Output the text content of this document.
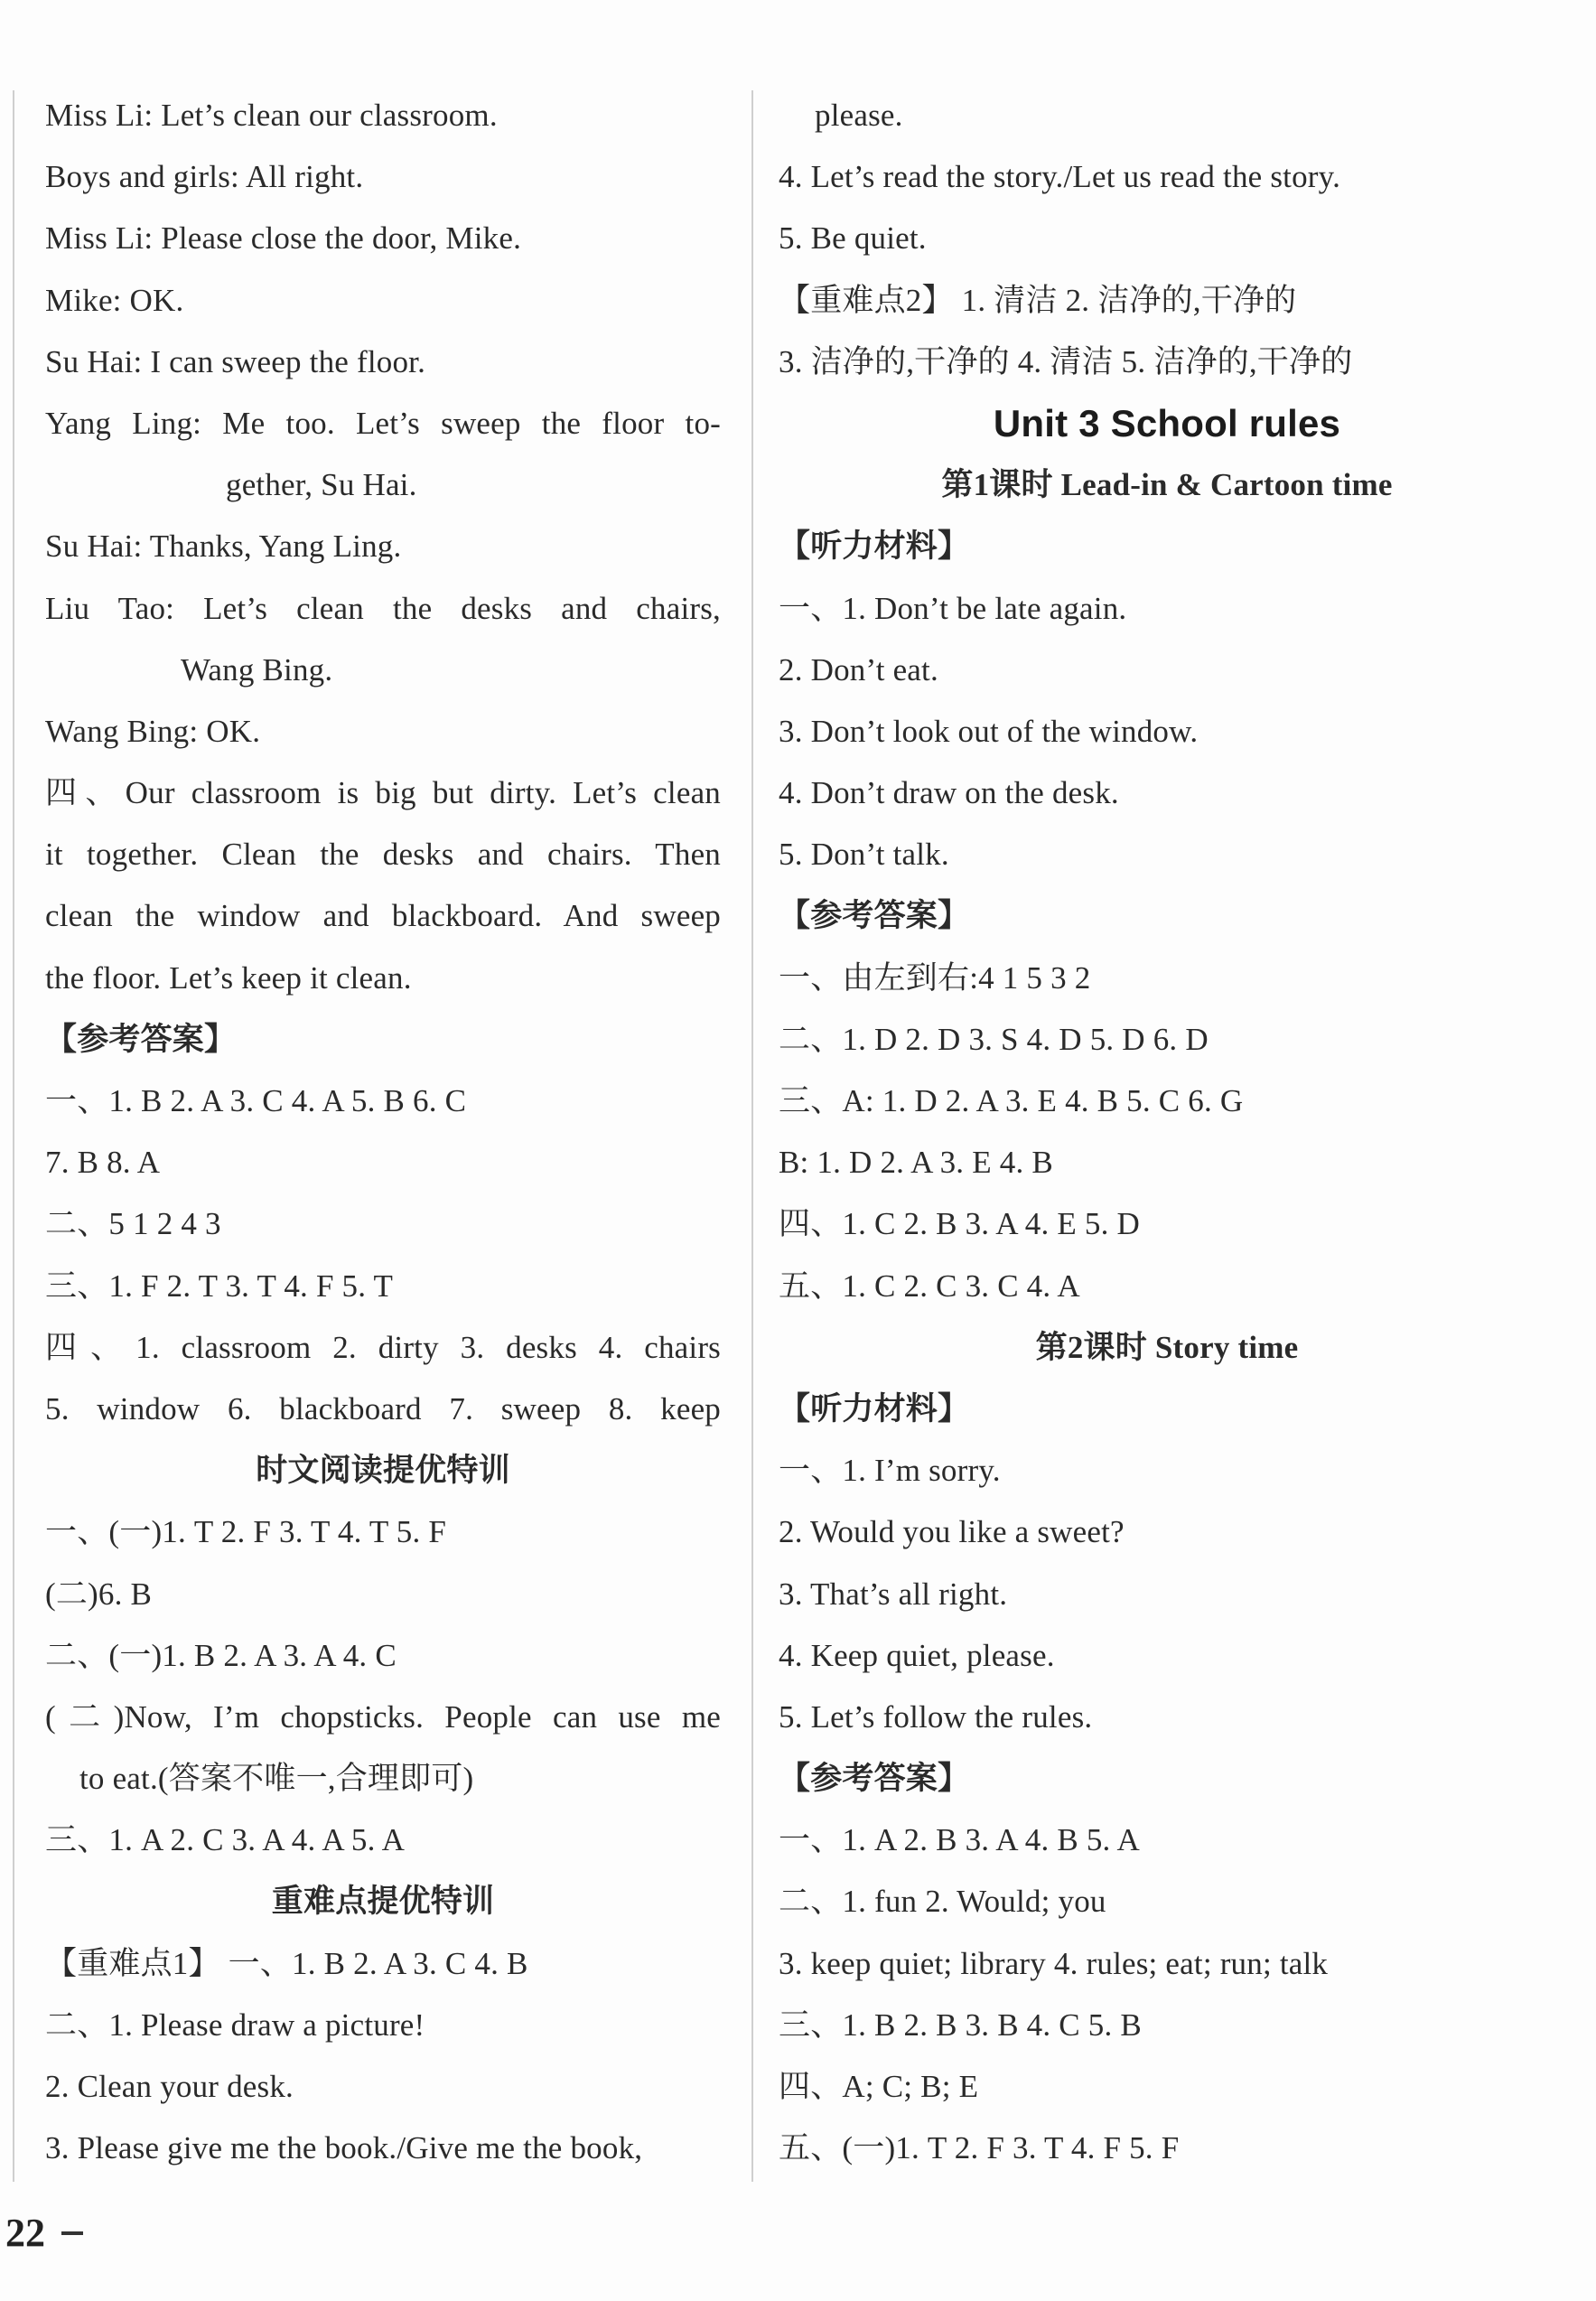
Miss Li: Let’s clean our classroom.
Boys and girls: All right.
Miss Li: Please close the door, Mike.
Mike: OK.
Su Hai: I can sweep the floor.
Yang Ling: Me too. Let’s sweep the floor to-
gether, Su Hai.
Su Hai: Thanks, Yang Ling.
Liu Tao: Let’s clean the desks and chairs,
Wang Bing.
Wang Bing: OK.
四、Our classroom is big but dirty. Let’s clean
it together. Clean the desks and chairs. Then
clean the window and blackboard. And sweep
the floor. Let’s keep it clean.
【参考答案】
一、1. B 2. A 3. C 4. A 5. B 6. C
7. B 8. A
二、5 1 2 4 3
三、1. F 2. T 3. T 4. F 5. T
四、1. classroom 2. dirty 3. desks 4. chairs
5. window 6. blackboard 7. sweep 8. keep
时文阅读提优特训
一、(一)1. T 2. F 3. T 4. T 5. F
(二)6. B
二、(一)1. B 2. A 3. A 4. C
(二)Now, I’m chopsticks. People can use me
to eat.(答案不唯一,合理即可)
三、1. A 2. C 3. A 4. A 5. A
重难点提优特训
【重难点1】 一、1. B 2. A 3. C 4. B
二、1. Please draw a picture!
2. Clean your desk.
3. Please give me the book./Give me the book,
please.
4. Let’s read the story./Let us read the story.
5. Be quiet.
【重难点2】 1. 清洁 2. 洁净的,干净的
3. 洁净的,干净的 4. 清洁 5. 洁净的,干净的
Unit 3 School rules
第1课时 Lead-in & Cartoon time
【听力材料】
一、1. Don’t be late again.
2. Don’t eat.
3. Don’t look out of the window.
4. Don’t draw on the desk.
5. Don’t talk.
【参考答案】
一、由左到右:4 1 5 3 2
二、1. D 2. D 3. S 4. D 5. D 6. D
三、A: 1. D 2. A 3. E 4. B 5. C 6. G
B: 1. D 2. A 3. E 4. B
四、1. C 2. B 3. A 4. E 5. D
五、1. C 2. C 3. C 4. A
第2课时 Story time
【听力材料】
一、1. I’m sorry.
2. Would you like a sweet?
3. That’s all right.
4. Keep quiet, please.
5. Let’s follow the rules.
【参考答案】
一、1. A 2. B 3. A 4. B 5. A
二、1. fun 2. Would; you
3. keep quiet; library 4. rules; eat; run; talk
三、1. B 2. B 3. B 4. C 5. B
四、A; C; B; E
五、(一)1. T 2. F 3. T 4. F 5. F
22
